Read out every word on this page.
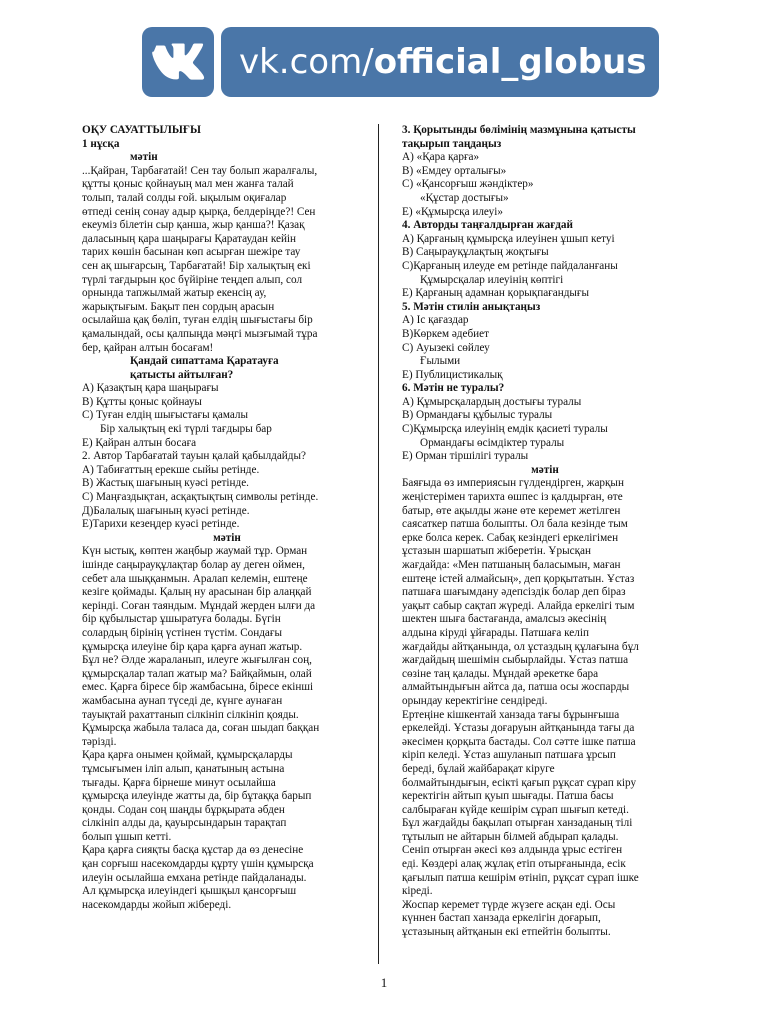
vk.com/official_globus
ОҚУ САУАТТЫЛЫҒЫ
1 нұсқа
мәтін
...Қайран, Тарбағатай! Сен тау болып жаралғалы,
құтты қоныс қойнауың мал мен жанға талай
толып, талай солды ғой. ықылым оқиғалар
өтпеді сенің сонау адыр қырқа, белдеріңде?! Сен
екеуміз білетін сыр қанша, жыр қанша?! Қазақ
даласының қара шаңырағы Қаратаудан кейін
тарих көшін басынан көп асырған шежіре тау
сен ақ шығарсың, Тарбағатай! Бір халықтың екі
түрлі тағдырын қос бүйіріне теңдеп алып, сол
орнында тапжылмай жатыр екенсің ау,
жарықтығым. Бақыт пен сордың арасын
осылайша қақ бөліп, туған елдің шығыстағы бір
қамалындай, осы қалпыңда мәңгі мызғымай тұра
бер, қайран алтын босағам!
Қандай сипаттама Қаратауға
қатысты айтылған?
А) Қазақтың қара шаңырағы
В) Құтты қоныс қойнауы
С) Туған елдің шығыстағы қамалы
Бір халықтың екі түрлі тағдыры бар
Е) Қайран алтын босаға
2. Автор Тарбағатай тауын қалай қабылдайды?
А) Табиғаттың ерекше сыйы ретінде.
В) Жастық шағының куәсі ретінде.
С) Маңғаздықтан, асқақтықтың символы ретінде.
Д)Балалық шағының куәсі ретінде.
Е)Тарихи кезеңдер куәсі ретінде.
мәтін
Күн ыстық, көптен жаңбыр жаумай тұр. Орман
ішінде саңырауқұлақтар болар ау деген оймен,
себет ала шыққанмын. Аралап келемін, ештеңе
кезіге қоймады. Қалың ну арасынан бір алаңқай
керінді. Соған таяндым. Мұндай жерден ылғи да
бір құбылыстар ұшыратуға болады. Бүгін
солардың бірінің үстінен түстім. Сондағы
құмырсқа илеуіне бір қара қарға аунап жатыр.
Бұл не? Әлде жараланып, илеуге жығылған соң,
құмырсқалар талап жатыр ма? Байқаймын, олай
емес. Қарға біресе бір жамбасына, біресе екінші
жамбасына аунап түседі де, күнге аунаған
тауықтай рахаттанып сілкініп сілкініп қояды.
Құмырсқа жабыла таласа да, соған шыдап баққан
тәрізді.
Қара қарға онымен қоймай, құмырсқаларды
тұмсығымен іліп алып, қанатының астына
тығады. Қарға бірнеше минут осылайша
құмырсқа илеуінде жатты да, бір бұтаққа барып
қонды. Содан соң шаңды бұрқырата әбден
сілкініп алды да, қауырсындарын тарақтап
болып ұшып кетті.
Қара қарға сияқты басқа құстар да өз денесіне
қан сорғыш насекомдарды құрту үшін құмырсқа
илеуін осылайша емхана ретінде пайдаланады.
Ал құмырсқа илеуіндегі қышқыл қансорғыш
насекомдарды жойып жібереді.
3. Қорытынды бөлімінің мазмұнына қатысты
тақырып таңдаңыз
А) «Қара қарға»
В) «Емдеу орталығы»
С) «Қансорғыш жәндіктер»
«Құстар достығы»
Е) «Құмырсқа илеуі»
4. Авторды таңғалдырған жағдай
А) Қарғаның құмырсқа илеуінен ұшып кетуі
В) Саңырауқұлақтың жоқтығы
С)Қарғаның илеуде ем ретінде пайдаланғаны
Құмырсқалар илеуінің көптігі
Е) Қарғаның адамнан қорықпағандығы
5. Мәтін стилін анықтаңыз
А) Іс қағаздар
В)Көркем әдебиет
С) Ауызекі сөйлеу
Ғылыми
Е) Публицистикалық
6. Мәтін не туралы?
А) Құмырсқалардың достығы туралы
В) Ормандағы құбылыс туралы
С)Құмырсқа илеуінің емдік қасиеті туралы
Ормандағы өсімдіктер туралы
Е) Орман тіршілігі туралы
мәтін
Баяғыда өз империясын гүлдендірген, жарқын
жеңістерімен тарихта өшпес із қалдырған, өте
батыр, өте ақылды және өте керемет жетілген
саясаткер патша болыпты. Ол бала кезінде тым
ерке болса керек. Сабақ кезіндегі еркелігімен
ұстазын шаршатып жіберетін. Ұрысқан
жағдайда: «Мен патшаның баласымын, маған
ештеңе істей алмайсың», деп қорқытатын. Ұстаз
патшаға шағымдану әдепсіздік болар деп біраз
уақыт сабыр сақтап жүреді. Алайда еркелігі тым
шектен шыға бастағанда, амалсыз әкесінің
алдына кіруді ұйғарады. Патшаға келіп
жағдайды айтқанында, ол ұстаздың құлағына бұл
жағдайдың шешімін сыбырлайды. Ұстаз патша
сөзіне таң қалады. Мұндай әрекетке бара
алмайтындығын айтса да, патша осы жоспарды
орындау керектігіне сендіреді.
Ертеңіне кішкентай ханзада тағы бұрынғыша
еркелейді. Ұстазы доғаруын айтқанында тағы да
әкесімен қорқыта бастады. Сол сәтте ішке патша
кіріп келеді. Ұстаз ашуланып патшаға ұрсып
береді, бұлай жайбарақат кіруге
болмайтындығын, есікті қағып рұқсат сұрап кіру
керектігін айтып қуып шығады. Патша басы
салбыраған күйде кешірім сұрап шығып кетеді.
Бұл жағдайды бақылап отырған ханзаданың тілі
тұтылып не айтарын білмей абдырап қалады.
Сеніп отырған әкесі көз алдында ұрыс естіген
еді. Көздері алақ жұлақ етіп отырғанында, есік
қағылып патша кешірім өтініп, рұқсат сұрап ішке
кіреді.
Жоспар керемет түрде жүзеге асқан еді. Осы
күннен бастап ханзада еркелігін доғарып,
ұстазының айтқанын екі етпейтін болыпты.
1
